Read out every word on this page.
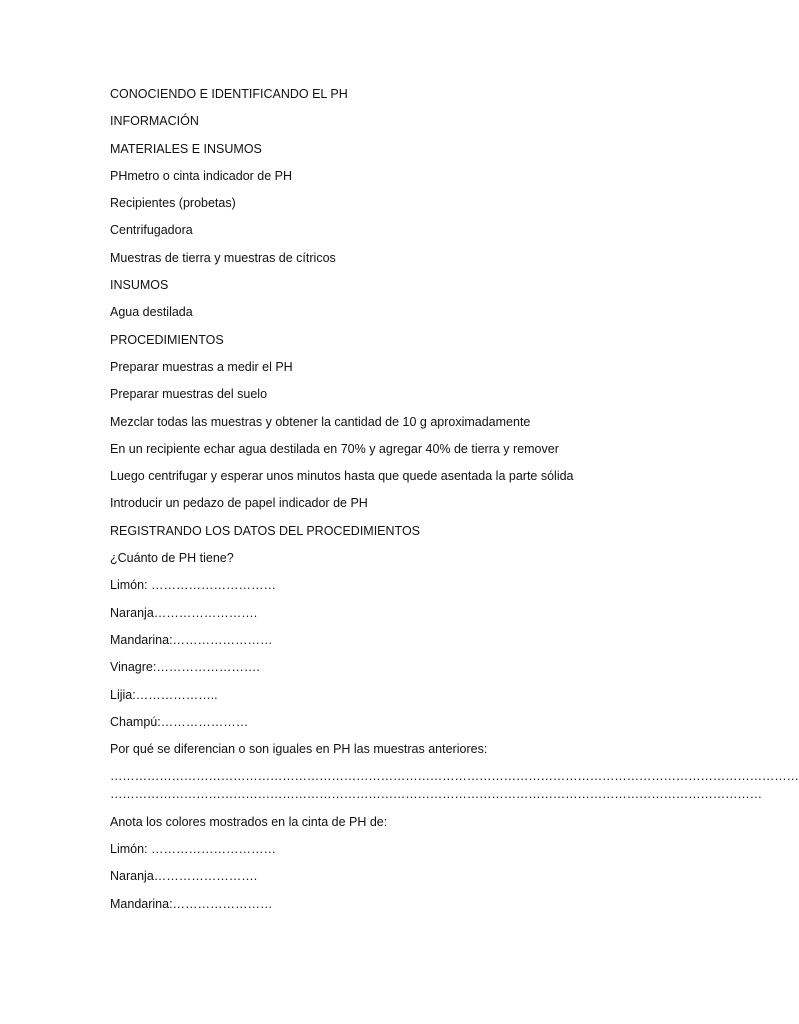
CONOCIENDO E IDENTIFICANDO EL PH
INFORMACIÓN
MATERIALES E INSUMOS
PHmetro o cinta indicador de PH
Recipientes (probetas)
Centrifugadora
Muestras de tierra y muestras de cítricos
INSUMOS
Agua destilada
PROCEDIMIENTOS
Preparar muestras a medir el PH
Preparar muestras del suelo
Mezclar todas las muestras y obtener la cantidad de 10 g aproximadamente
En un recipiente echar agua destilada en 70% y agregar 40% de tierra y remover
Luego centrifugar y esperar unos minutos hasta que quede asentada la parte sólida
Introducir un pedazo de papel indicador de PH
REGISTRANDO LOS DATOS DEL PROCEDIMIENTOS
¿Cuánto de PH tiene?
Limón: …………………………
Naranja…………………….
Mandarina:……………………
Vinagre:…………………….
Lijia:………………..
Champú:…………………
Por qué se diferencian o son iguales en PH las muestras anteriores:
……………………………………………………………………………………………………………………………………………………
……………………………………………………………………………………………………………………………………………
Anota los colores mostrados en la cinta de PH de:
Limón: …………………………
Naranja…………………….
Mandarina:……………………
